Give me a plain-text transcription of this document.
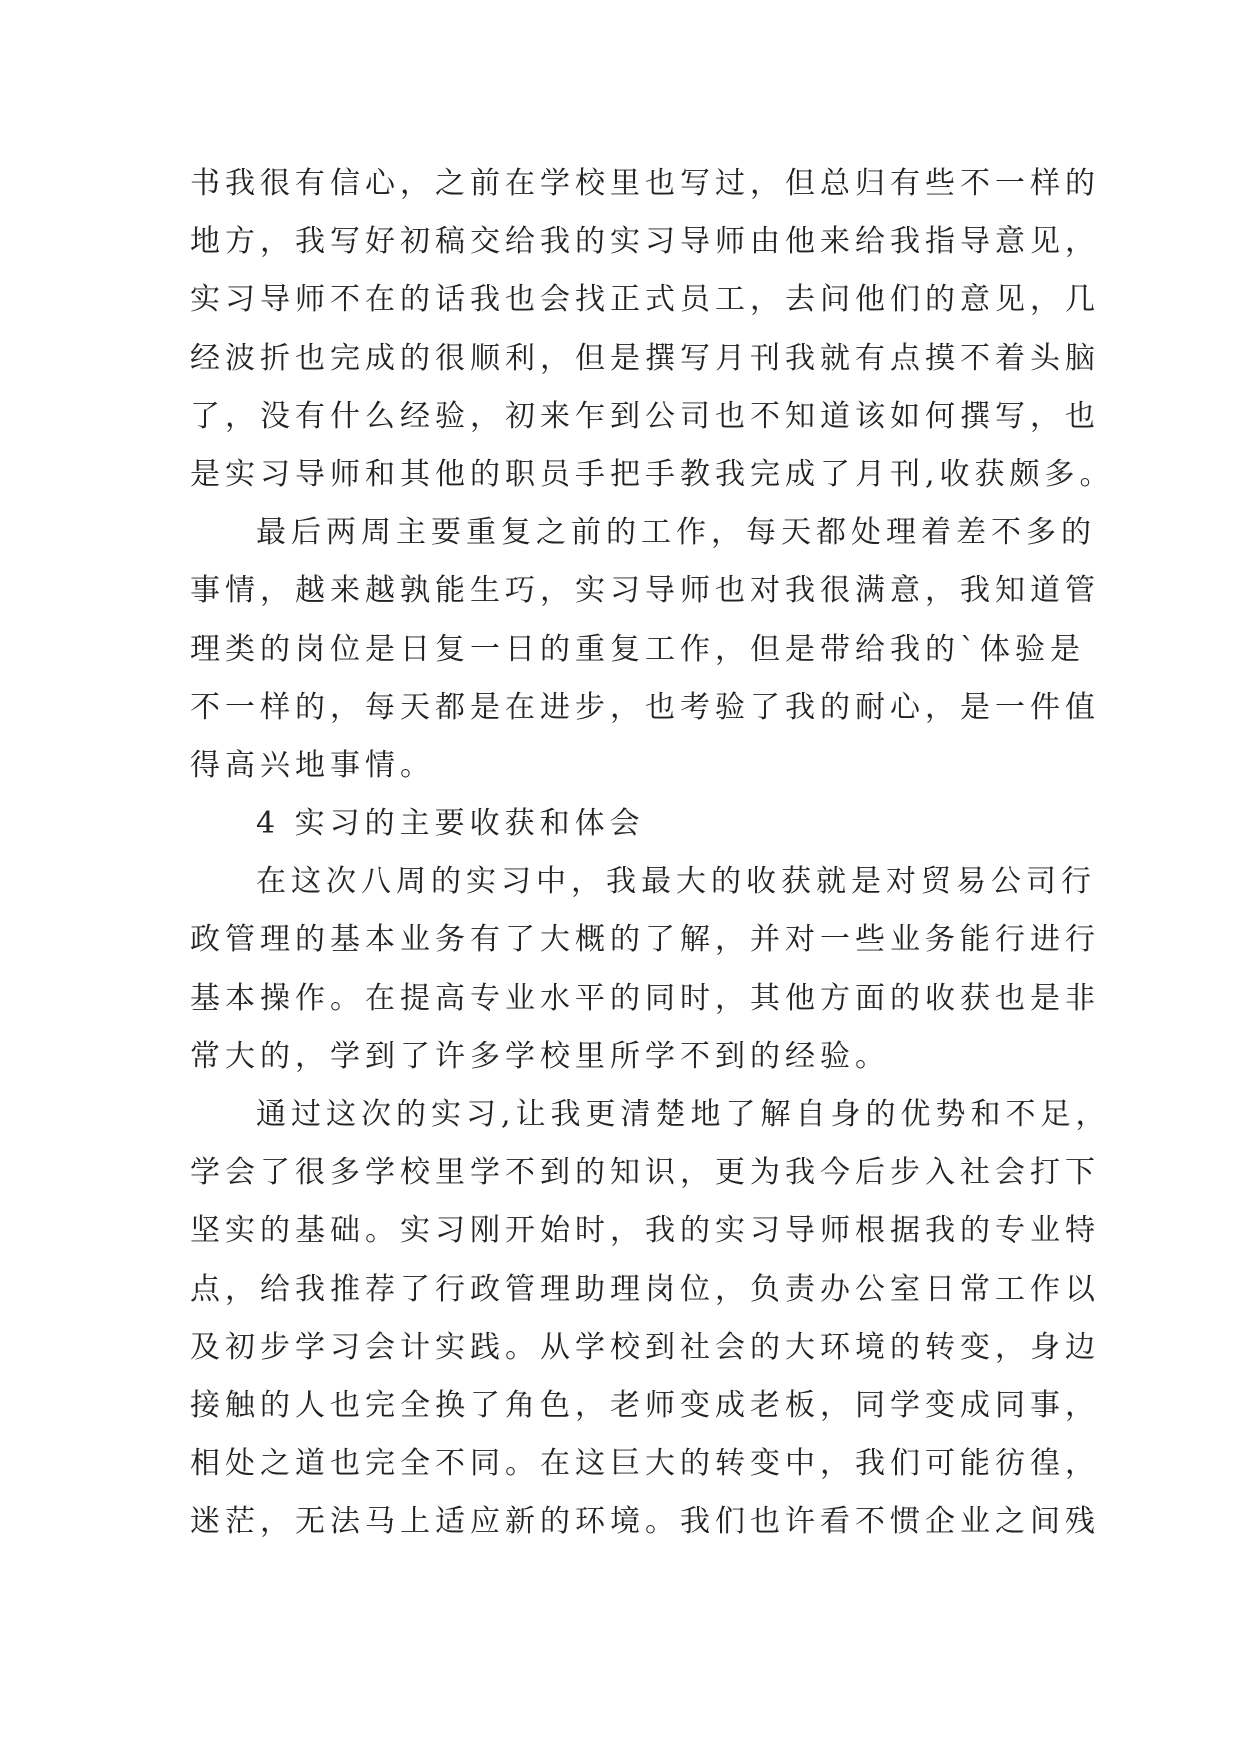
书我很有信心，之前在学校里也写过，但总归有些不一样的
地方，我写好初稿交给我的实习导师由他来给我指导意见，
实习导师不在的话我也会找正式员工，去问他们的意见，几
经波折也完成的很顺利，但是撰写月刊我就有点摸不着头脑
了，没有什么经验，初来乍到公司也不知道该如何撰写，也
是实习导师和其他的职员手把手教我完成了月刊,收获颇多。
最后两周主要重复之前的工作，每天都处理着差不多的
事情，越来越孰能生巧，实习导师也对我很满意，我知道管
理类的岗位是日复一日的重复工作，但是带给我的`体验是
不一样的，每天都是在进步，也考验了我的耐心，是一件值
得高兴地事情。
4 实习的主要收获和体会
在这次八周的实习中，我最大的收获就是对贸易公司行
政管理的基本业务有了大概的了解，并对一些业务能行进行
基本操作。在提高专业水平的同时，其他方面的收获也是非
常大的，学到了许多学校里所学不到的经验。
通过这次的实习,让我更清楚地了解自身的优势和不足，
学会了很多学校里学不到的知识，更为我今后步入社会打下
坚实的基础。实习刚开始时，我的实习导师根据我的专业特
点，给我推荐了行政管理助理岗位，负责办公室日常工作以
及初步学习会计实践。从学校到社会的大环境的转变，身边
接触的人也完全换了角色，老师变成老板，同学变成同事，
相处之道也完全不同。在这巨大的转变中，我们可能彷徨，
迷茫，无法马上适应新的环境。我们也许看不惯企业之间残
